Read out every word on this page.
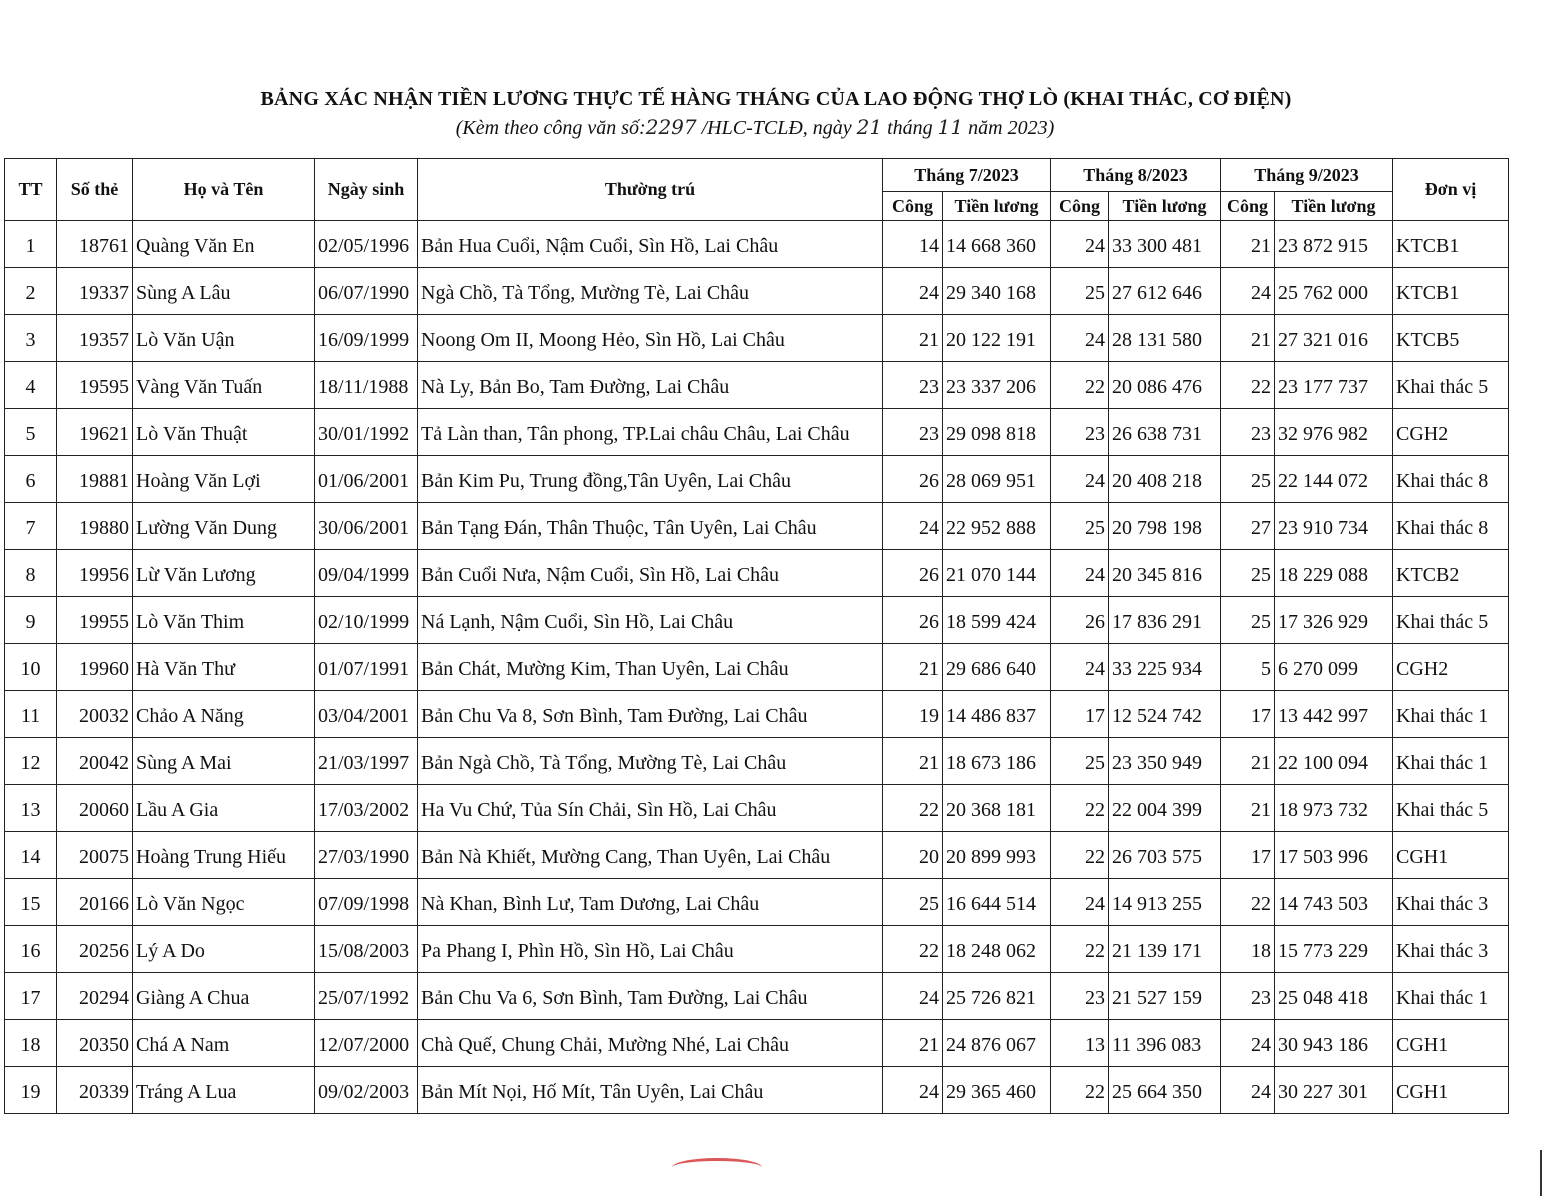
BẢNG XÁC NHẬN TIỀN LƯƠNG THỰC TẾ HÀNG THÁNG CỦA LAO ĐỘNG THỢ LÒ (KHAI THÁC, CƠ ĐIỆN)
(Kèm theo công văn số:2297 /HLC-TCLĐ, ngày 21 tháng 11 năm 2023)
TT	Số thẻ	Họ và Tên	Ngày sinh	Thường trú	Tháng 7/2023		Tháng 8/2023		Tháng 9/2023		Đơn vị
					Công	Tiền lương	Công	Tiền lương	Công	Tiền lương	
1	18761	Quàng Văn En	02/05/1996	Bản Hua Cuổi, Nậm Cuổi, Sìn Hồ, Lai Châu	14	14 668 360	24	33 300 481	21	23 872 915	KTCB1
2	19337	Sùng A Lâu	06/07/1990	Ngà Chồ, Tà Tổng, Mường Tè, Lai Châu	24	29 340 168	25	27 612 646	24	25 762 000	KTCB1
3	19357	Lò Văn Uận	16/09/1999	Noong Om II, Moong Hẻo, Sìn Hồ, Lai Châu	21	20 122 191	24	28 131 580	21	27 321 016	KTCB5
4	19595	Vàng Văn Tuấn	18/11/1988	Nà Ly, Bản Bo, Tam Đường, Lai Châu	23	23 337 206	22	20 086 476	22	23 177 737	Khai thác 5
5	19621	Lò Văn Thuật	30/01/1992	Tả Làn than, Tân phong, TP.Lai châu Châu, Lai Châu	23	29 098 818	23	26 638 731	23	32 976 982	CGH2
6	19881	Hoàng Văn Lợi	01/06/2001	Bản Kim Pu, Trung đồng,Tân Uyên, Lai Châu	26	28 069 951	24	20 408 218	25	22 144 072	Khai thác 8
7	19880	Lường Văn Dung	30/06/2001	Bản Tạng Đán, Thân Thuộc, Tân Uyên, Lai Châu	24	22 952 888	25	20 798 198	27	23 910 734	Khai thác 8
8	19956	Lừ Văn Lương	09/04/1999	Bản Cuổi Nưa, Nậm Cuổi, Sìn Hồ, Lai Châu	26	21 070 144	24	20 345 816	25	18 229 088	KTCB2
9	19955	Lò Văn Thim	02/10/1999	Ná Lạnh, Nậm Cuổi, Sìn Hồ, Lai Châu	26	18 599 424	26	17 836 291	25	17 326 929	Khai thác 5
10	19960	Hà Văn Thư	01/07/1991	Bản Chát, Mường Kim, Than Uyên, Lai Châu	21	29 686 640	24	33 225 934	5	6 270 099	CGH2
11	20032	Chảo A Năng	03/04/2001	Bản Chu Va 8, Sơn Bình, Tam Đường, Lai Châu	19	14 486 837	17	12 524 742	17	13 442 997	Khai thác 1
12	20042	Sùng A Mai	21/03/1997	Bản Ngà Chồ, Tà Tổng, Mường Tè, Lai Châu	21	18 673 186	25	23 350 949	21	22 100 094	Khai thác 1
13	20060	Lầu A Gia	17/03/2002	Ha Vu Chứ, Tủa Sín Chải, Sìn Hồ, Lai Châu	22	20 368 181	22	22 004 399	21	18 973 732	Khai thác 5
14	20075	Hoàng Trung Hiếu	27/03/1990	Bản Nà Khiết, Mường Cang, Than Uyên, Lai Châu	20	20 899 993	22	26 703 575	17	17 503 996	CGH1
15	20166	Lò Văn Ngọc	07/09/1998	Nà Khan, Bình Lư, Tam Dương, Lai Châu	25	16 644 514	24	14 913 255	22	14 743 503	Khai thác 3
16	20256	Lý A Do	15/08/2003	Pa Phang I, Phìn Hồ, Sìn Hồ, Lai Châu	22	18 248 062	22	21 139 171	18	15 773 229	Khai thác 3
17	20294	Giàng A Chua	25/07/1992	Bản Chu Va 6, Sơn Bình, Tam Đường, Lai Châu	24	25 726 821	23	21 527 159	23	25 048 418	Khai thác 1
18	20350	Chá A Nam	12/07/2000	Chà Quế, Chung Chải, Mường Nhé, Lai Châu	21	24 876 067	13	11 396 083	24	30 943 186	CGH1
19	20339	Tráng A Lua	09/02/2003	Bản Mít Nọi, Hố Mít, Tân Uyên, Lai Châu	24	29 365 460	22	25 664 350	24	30 227 301	CGH1
